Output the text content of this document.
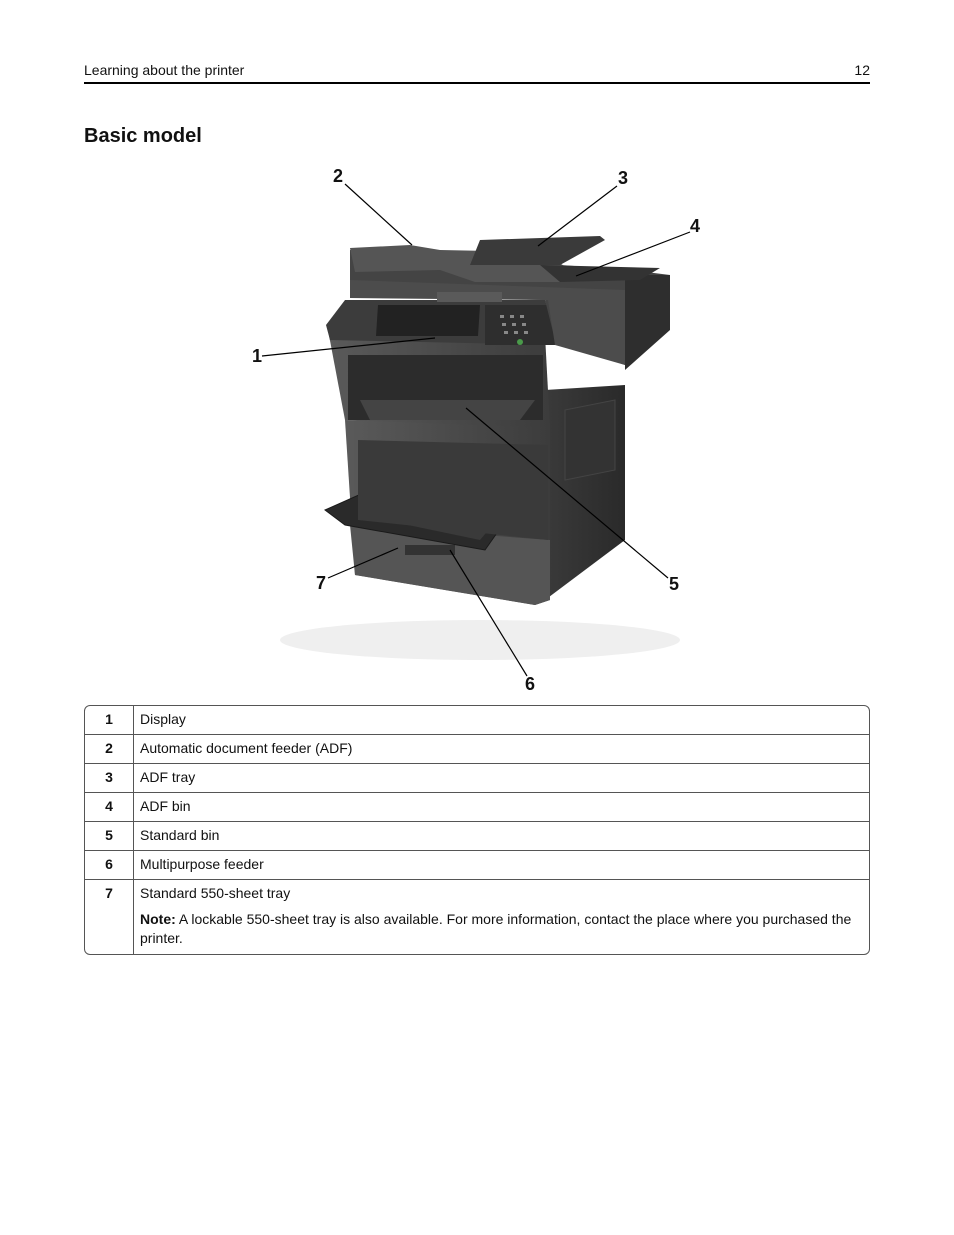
Learning about the printer	12
Basic model
1
2	3
4
5
6
7
1	Display
2	Automatic document feeder (ADF)
3	ADF tray
4	ADF bin
5	Standard bin
6	Multipurpose feeder
7	Standard 550-sheet tray
Note: A lockable 550-sheet tray is also available. For more information, contact the place where you purchased the printer.
